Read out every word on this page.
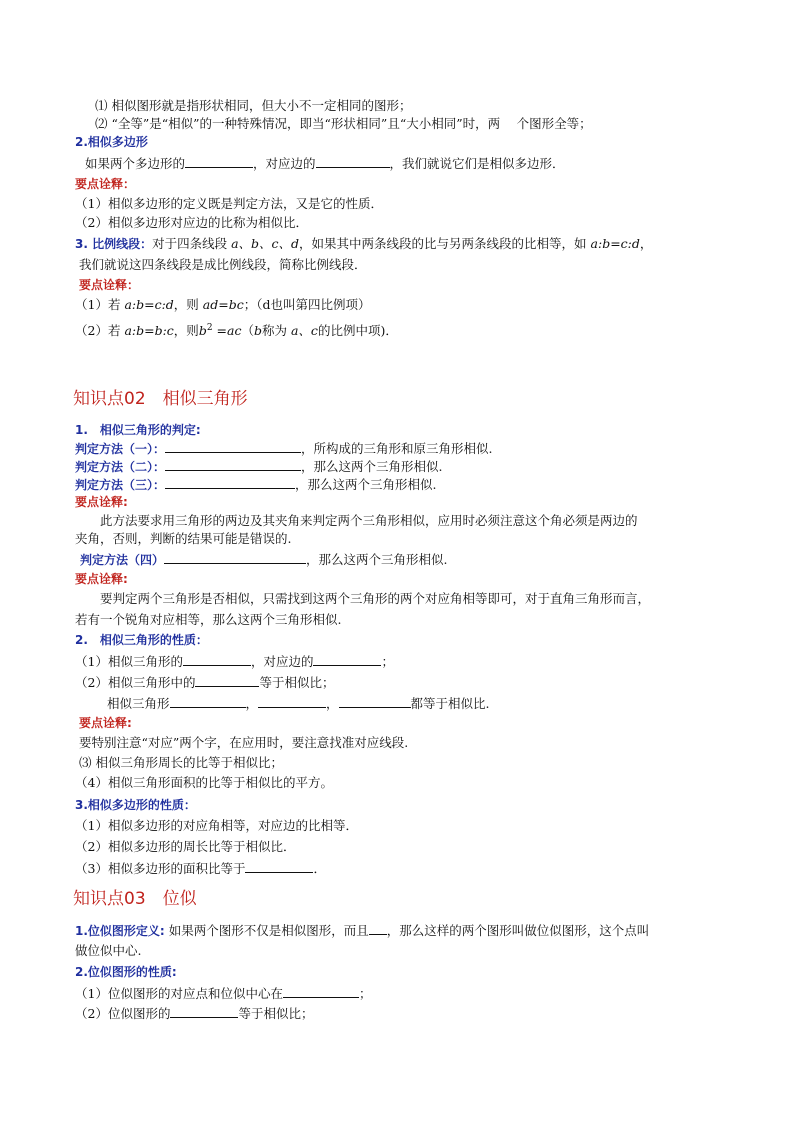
⑴ 相似图形就是指形状相同，但大小不一定相同的图形；
⑵ “全等”是“相似”的一种特殊情况，即当“形状相同”且“大小相同”时，两　 个图形全等；
2.相似多边形
如果两个多边形的	，对应边的	，我们就说它们是相似多边形．
要点诠释：
（1）相似多边形的定义既是判定方法，又是它的性质．
（2）相似多边形对应边的比称为相似比．
3. 比例线段：对于四条线段 a、b、c、d，如果其中两条线段的比与另两条线段的比相等，如 a:b=c:d，
我们就说这四条线段是成比例线段，简称比例线段．
要点诠释：
（1）若 a:b=c:d，则 ad=bc；（d也叫第四比例项）
（2）若 a:b=b:c，则$b^2 =ac(b$称为 a、c的比例中项)．
知识点02　相似三角形
1.　相似三角形的判定:
判定方法（一）：	，所构成的三角形和原三角形相似.
判定方法（二）：	，那么这两个三角形相似.
判定方法（三）：	，那么这两个三角形相似.
要点诠释:
此方法要求用三角形的两边及其夹角来判定两个三角形相似，应用时必须注意这个角必须是两边的
夹角，否则，判断的结果可能是错误的.
判定方法（四）	，那么这两个三角形相似.
要点诠释:
要判定两个三角形是否相似，只需找到这两个三角形的两个对应角相等即可，对于直角三角形而言，
若有一个锐角对应相等，那么这两个三角形相似.
2.　相似三角形的性质：
（1）相似三角形的	，对应边的	；
（2）相似三角形中的	等于相似比；
相似三角形	，	，	都等于相似比.
要点诠释:
要特别注意“对应”两个字，在应用时，要注意找准对应线段.
⑶ 相似三角形周长的比等于相似比；
（4）相似三角形面积的比等于相似比的平方。
3.相似多边形的性质：
（1）相似多边形的对应角相等，对应边的比相等．
（2）相似多边形的周长比等于相似比．
（3）相似多边形的面积比等于	．
知识点03　位似
1.位似图形定义: 如果两个图形不仅是相似图形，而且 ，那么这样的两个图形叫做位似图形，这个点叫
做位似中心.
2.位似图形的性质:
（1）位似图形的对应点和位似中心在	；
（2）位似图形的	等于相似比；
